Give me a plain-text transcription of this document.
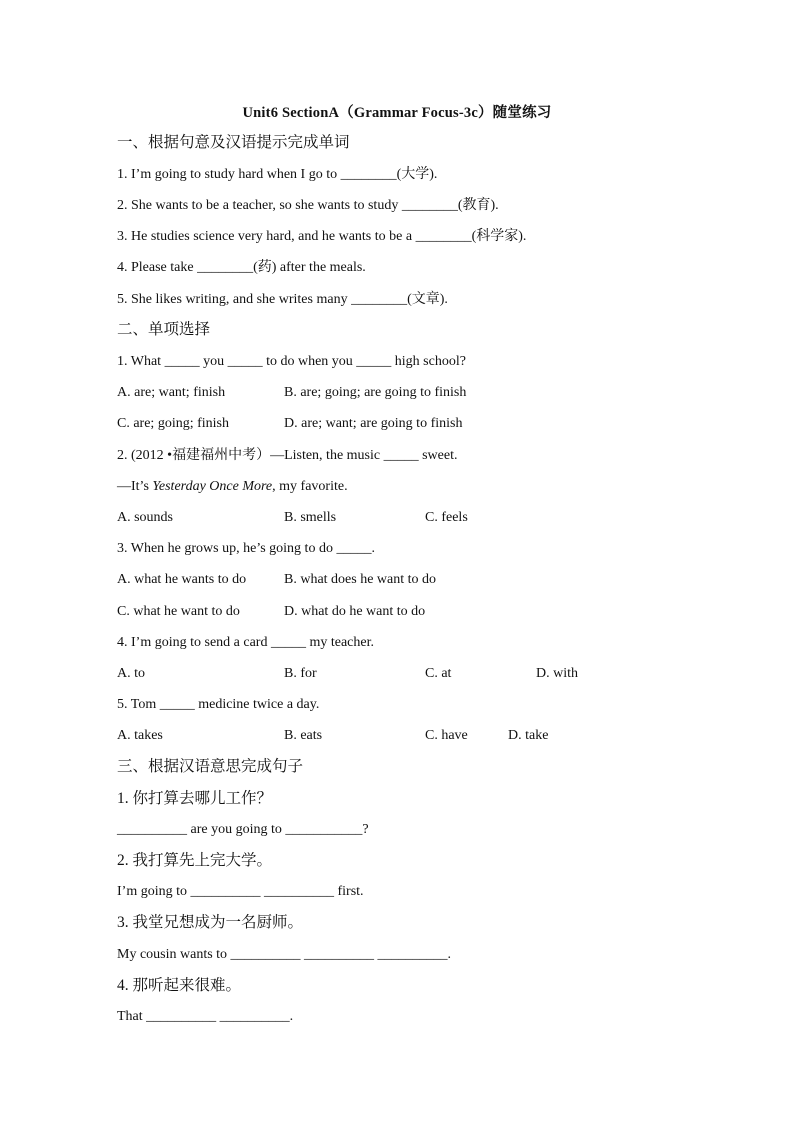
Unit6 SectionA（Grammar Focus-3c）随堂练习
一、根据句意及汉语提示完成单词
1. I’m going to study hard when I go to ________(大学).
2. She wants to be a teacher, so she wants to study ________(教育).
3. He studies science very hard, and he wants to be a ________(科学家).
4. Please take ________(药) after the meals.
5. She likes writing, and she writes many ________(文章).
二、单项选择
1. What _____ you _____ to do when you _____ high school?
A. are; want; finish	B. are; going; are going to finish
C. are; going; finish	D. are; want; are going to finish
2. (2012 •福建福州中考）—Listen, the music _____ sweet.
—It’s Yesterday Once More, my favorite.
A. sounds	B. smells	C. feels
3. When he grows up, he’s going to do _____.
A. what he wants to do	B. what does he want to do
C. what he want to do	D. what do he want to do
4. I’m going to send a card _____ my teacher.
A. to	B. for	C. at	D. with
5. Tom _____ medicine twice a day.
A. takes	B. eats	C. have	D. take
三、根据汉语意思完成句子
1. 你打算去哪儿工作？
__________ are you going to ___________?
2. 我打算先上完大学。
I’m going to __________ __________ first.
3. 我堂兄想成为一名厨师。
My cousin wants to __________ __________ __________.
4. 那听起来很难。
That __________ __________.
